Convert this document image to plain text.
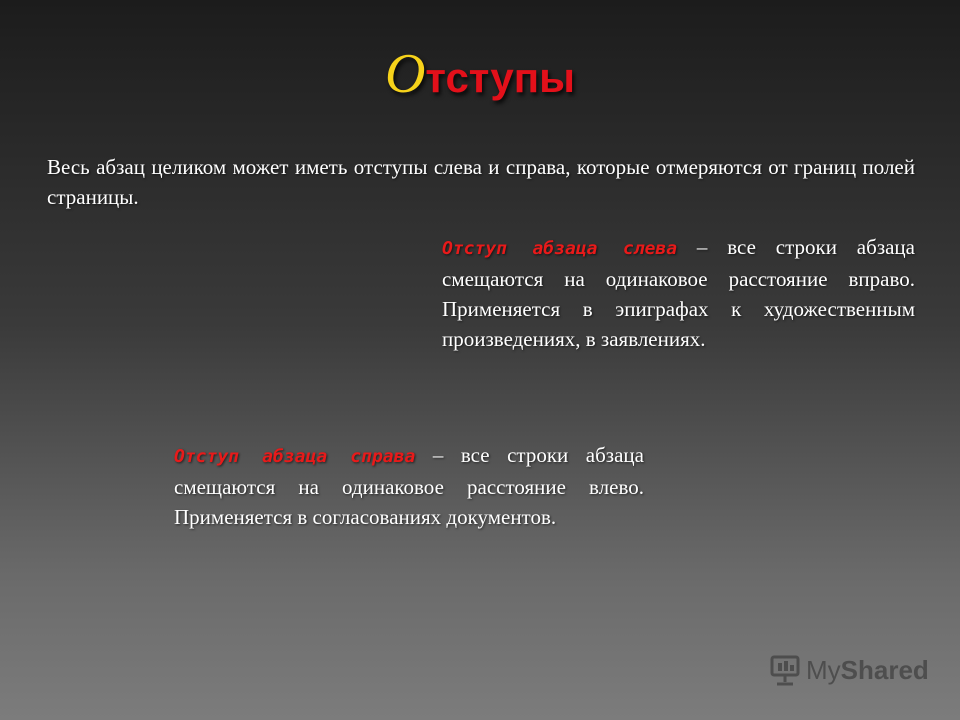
Отступы
Весь абзац целиком может иметь отступы слева и справа, которые отмеряются от границ полей страницы.
Отступ абзаца слева – все строки абзаца смещаются на одинаковое расстояние вправо. Применяется в эпиграфах к художественным произведениях, в заявлениях.
Отступ абзаца справа – все строки абзаца смещаются на одинаковое расстояние влево. Применяется в согласованиях документов.
MyShared
